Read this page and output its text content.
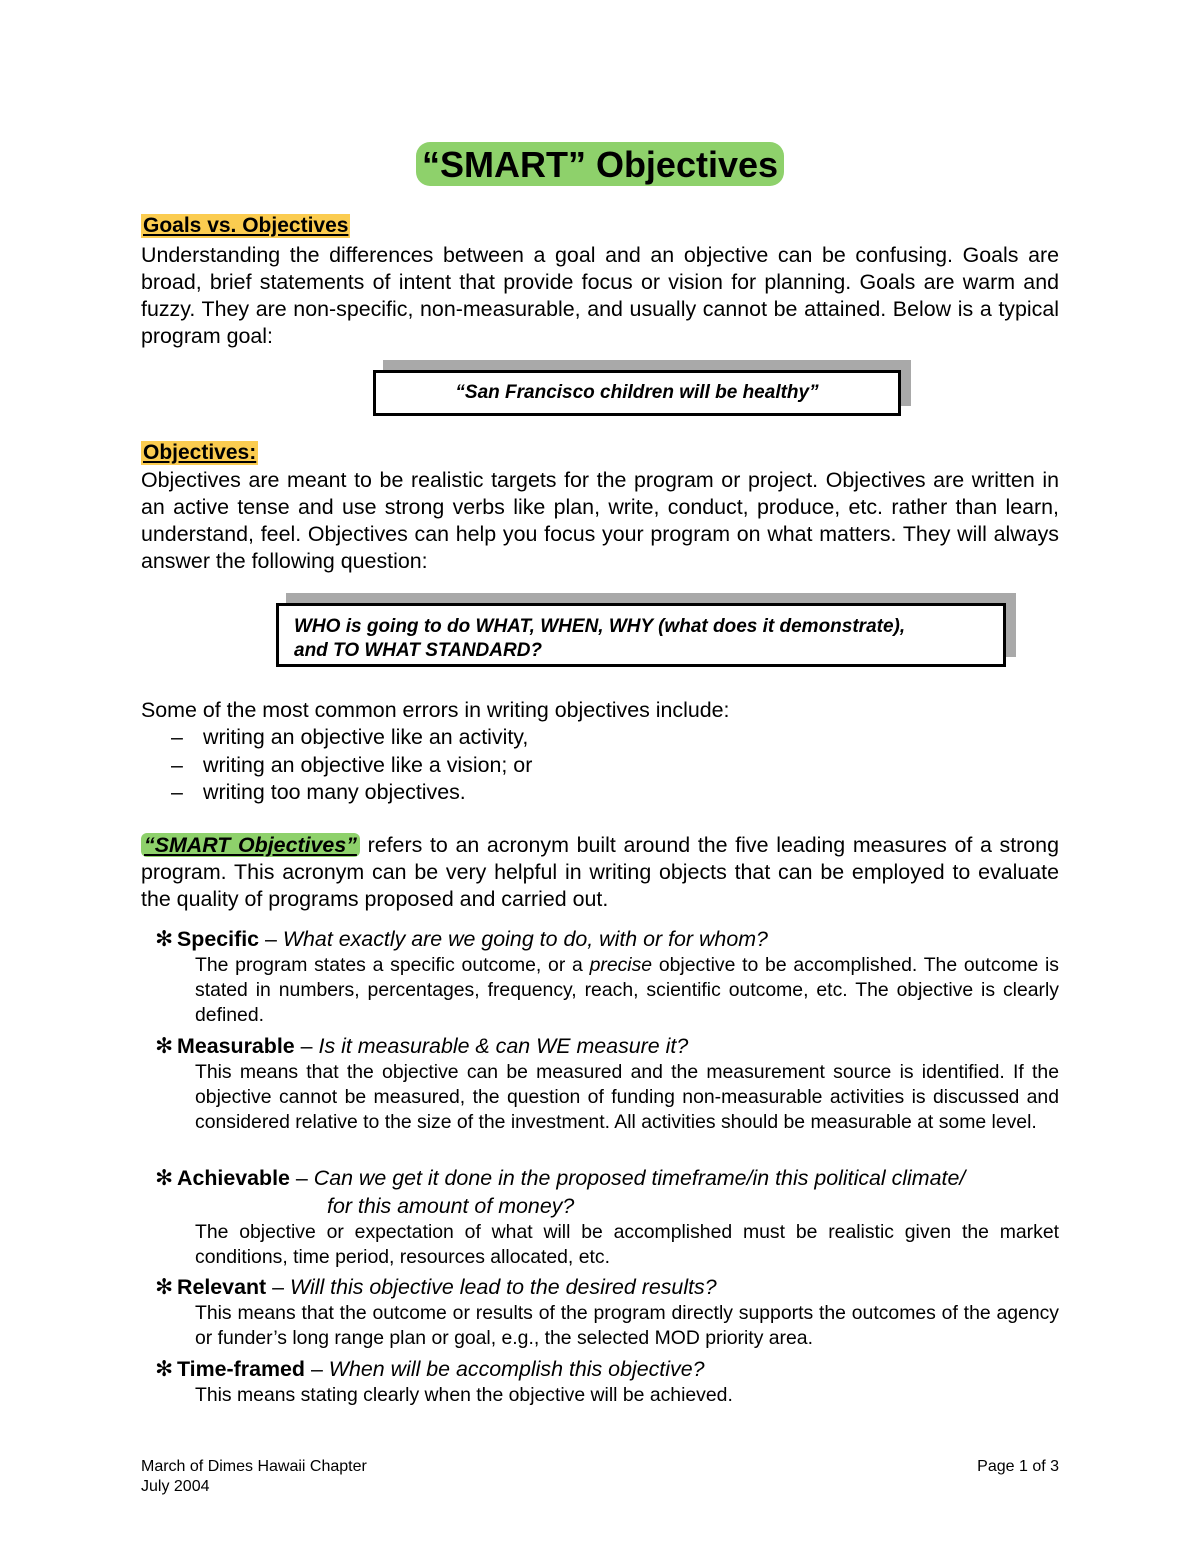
“SMART” Objectives
Goals vs. Objectives
Understanding the differences between a goal and an objective can be confusing. Goals are broad, brief statements of intent that provide focus or vision for planning. Goals are warm and fuzzy. They are non-specific, non-measurable, and usually cannot be attained. Below is a typical program goal:
“San Francisco children will be healthy”
Objectives:
Objectives are meant to be realistic targets for the program or project. Objectives are written in an active tense and use strong verbs like plan, write, conduct, produce, etc. rather than learn, understand, feel. Objectives can help you focus your program on what matters. They will always answer the following question:
WHO is going to do WHAT, WHEN, WHY (what does it demonstrate),
and TO WHAT STANDARD?
Some of the most common errors in writing objectives include:
– writing an objective like an activity,
– writing an objective like a vision; or
– writing too many objectives.
“SMART Objectives” refers to an acronym built around the five leading measures of a strong program. This acronym can be very helpful in writing objects that can be employed to evaluate the quality of programs proposed and carried out.
✻ Specific – What exactly are we going to do, with or for whom?
The program states a specific outcome, or a precise objective to be accomplished. The outcome is stated in numbers, percentages, frequency, reach, scientific outcome, etc. The objective is clearly defined.
✻ Measurable – Is it measurable & can WE measure it?
This means that the objective can be measured and the measurement source is identified. If the objective cannot be measured, the question of funding non-measurable activities is discussed and considered relative to the size of the investment. All activities should be measurable at some level.
✻ Achievable – Can we get it done in the proposed timeframe/in this political climate/
for this amount of money?
The objective or expectation of what will be accomplished must be realistic given the market conditions, time period, resources allocated, etc.
✻ Relevant – Will this objective lead to the desired results?
This means that the outcome or results of the program directly supports the outcomes of the agency or funder’s long range plan or goal, e.g., the selected MOD priority area.
✻ Time-framed – When will be accomplish this objective?
This means stating clearly when the objective will be achieved.
March of Dimes Hawaii Chapter
July 2004
Page 1 of 3
